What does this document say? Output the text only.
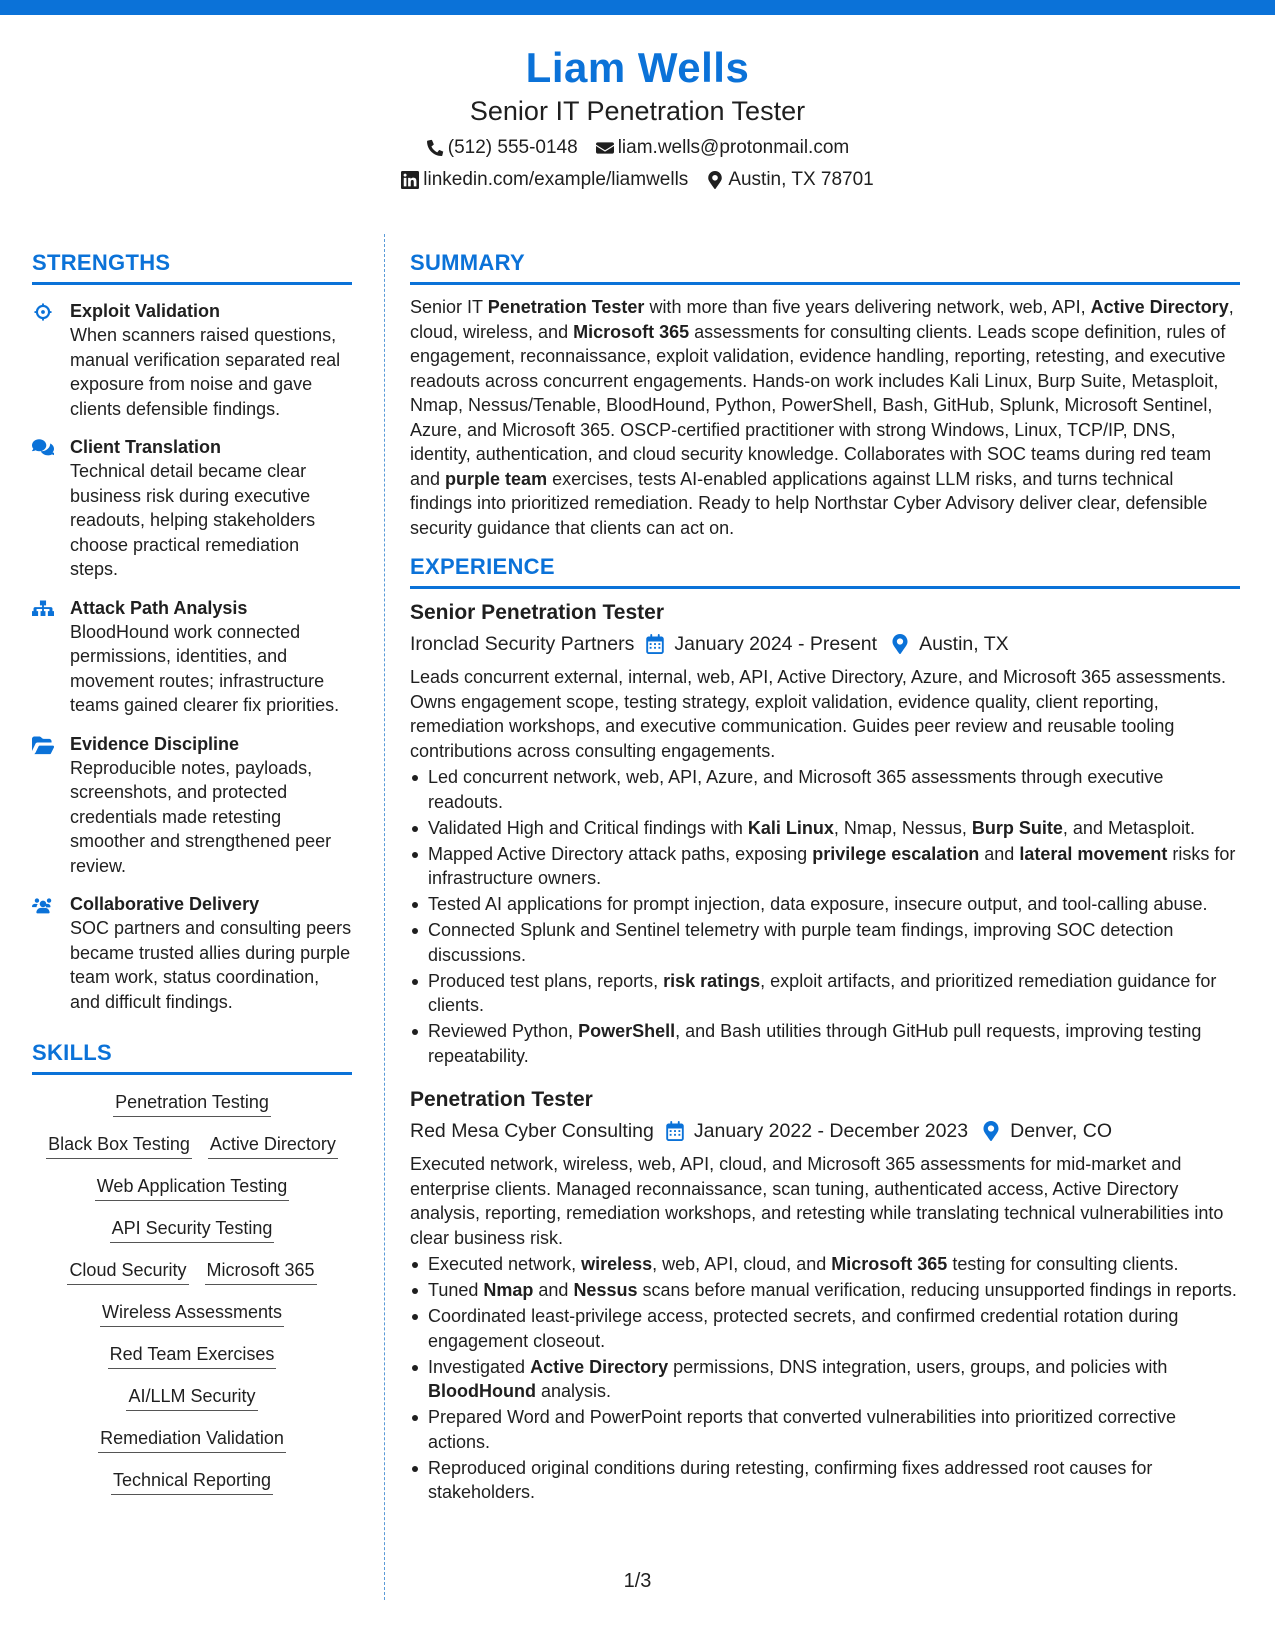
Liam Wells
Senior IT Penetration Tester
(512) 555-0148 liam.wells@protonmail.com
linkedin.com/example/liamwells Austin, TX 78701
STRENGTHS
Exploit Validation
When scanners raised questions, manual verification separated real exposure from noise and gave clients defensible findings.
Client Translation
Technical detail became clear business risk during executive readouts, helping stakeholders choose practical remediation steps.
Attack Path Analysis
BloodHound work connected permissions, identities, and movement routes; infrastructure teams gained clearer fix priorities.
Evidence Discipline
Reproducible notes, payloads, screenshots, and protected credentials made retesting smoother and strengthened peer review.
Collaborative Delivery
SOC partners and consulting peers became trusted allies during purple team work, status coordination, and difficult findings.
SKILLS
Penetration Testing
Black Box Testing Active Directory
Web Application Testing
API Security Testing
Cloud Security Microsoft 365
Wireless Assessments
Red Team Exercises
AI/LLM Security
Remediation Validation
Technical Reporting
SUMMARY
Senior IT Penetration Tester with more than five years delivering network, web, API, Active Directory, cloud, wireless, and Microsoft 365 assessments for consulting clients. Leads scope definition, rules of engagement, reconnaissance, exploit validation, evidence handling, reporting, retesting, and executive readouts across concurrent engagements. Hands-on work includes Kali Linux, Burp Suite, Metasploit, Nmap, Nessus/Tenable, BloodHound, Python, PowerShell, Bash, GitHub, Splunk, Microsoft Sentinel, Azure, and Microsoft 365. OSCP-certified practitioner with strong Windows, Linux, TCP/IP, DNS, identity, authentication, and cloud security knowledge. Collaborates with SOC teams during red team and purple team exercises, tests AI-enabled applications against LLM risks, and turns technical findings into prioritized remediation. Ready to help Northstar Cyber Advisory deliver clear, defensible security guidance that clients can act on.
EXPERIENCE
Senior Penetration Tester
Ironclad Security Partners January 2024 - Present Austin, TX
Leads concurrent external, internal, web, API, Active Directory, Azure, and Microsoft 365 assessments. Owns engagement scope, testing strategy, exploit validation, evidence quality, client reporting, remediation workshops, and executive communication. Guides peer review and reusable tooling contributions across consulting engagements.
Led concurrent network, web, API, Azure, and Microsoft 365 assessments through executive readouts.
Validated High and Critical findings with Kali Linux, Nmap, Nessus, Burp Suite, and Metasploit.
Mapped Active Directory attack paths, exposing privilege escalation and lateral movement risks for infrastructure owners.
Tested AI applications for prompt injection, data exposure, insecure output, and tool-calling abuse.
Connected Splunk and Sentinel telemetry with purple team findings, improving SOC detection discussions.
Produced test plans, reports, risk ratings, exploit artifacts, and prioritized remediation guidance for clients.
Reviewed Python, PowerShell, and Bash utilities through GitHub pull requests, improving testing repeatability.
Penetration Tester
Red Mesa Cyber Consulting January 2022 - December 2023 Denver, CO
Executed network, wireless, web, API, cloud, and Microsoft 365 assessments for mid-market and enterprise clients. Managed reconnaissance, scan tuning, authenticated access, Active Directory analysis, reporting, remediation workshops, and retesting while translating technical vulnerabilities into clear business risk.
Executed network, wireless, web, API, cloud, and Microsoft 365 testing for consulting clients.
Tuned Nmap and Nessus scans before manual verification, reducing unsupported findings in reports.
Coordinated least-privilege access, protected secrets, and confirmed credential rotation during engagement closeout.
Investigated Active Directory permissions, DNS integration, users, groups, and policies with BloodHound analysis.
Prepared Word and PowerPoint reports that converted vulnerabilities into prioritized corrective actions.
Reproduced original conditions during retesting, confirming fixes addressed root causes for stakeholders.
1/3
